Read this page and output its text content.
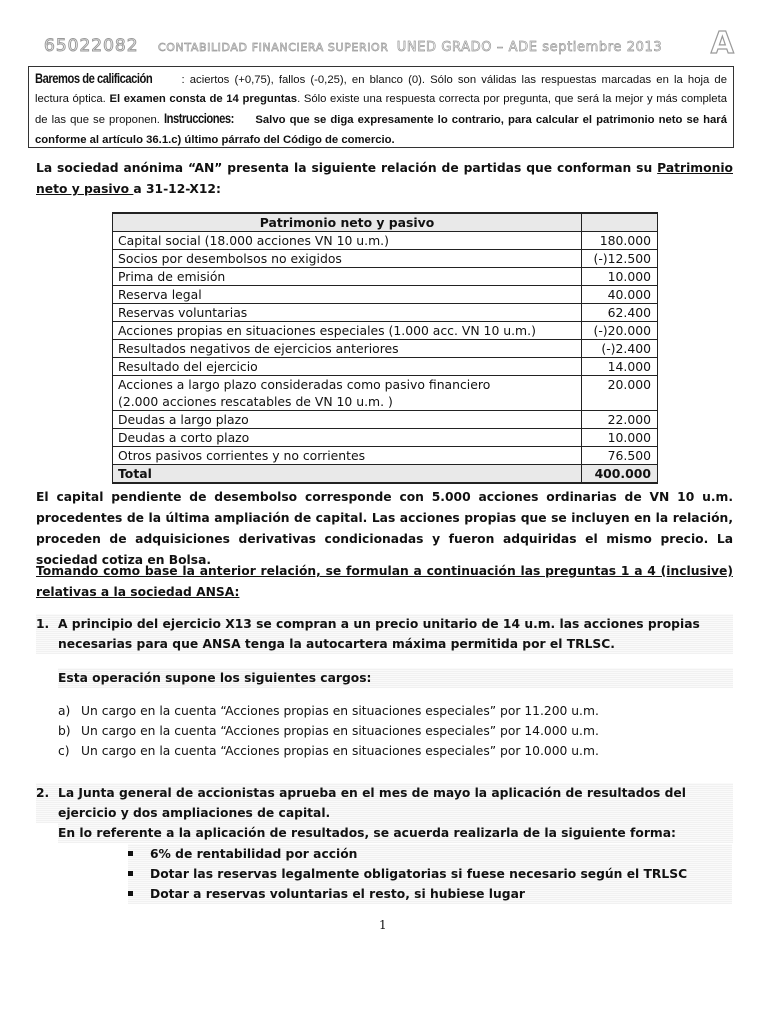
65022082 CONTABILIDAD FINANCIERA SUPERIOR UNED GRADO – ADE septiembre 2013 A
Baremos de calificación	: aciertos (+0,75), fallos (-0,25), en blanco (0). Sólo son válidas las respuestas marcadas en la hoja de lectura óptica. El examen consta de 14 preguntas. Sólo existe una respuesta correcta por pregunta, que será la mejor y más completa de las que se proponen. Instrucciones: Salvo que se diga expresamente lo contrario, para calcular el patrimonio neto se hará conforme al artículo 36.1.c) último párrafo del Código de comercio.
La sociedad anónima “AN” presenta la siguiente relación de partidas que conforman su Patrimonio neto y pasivo a 31-12-X12:
Patrimonio neto y pasivo	
Capital social (18.000 acciones VN 10 u.m.)	180.000
Socios por desembolsos no exigidos	(-)12.500
Prima de emisión	10.000
Reserva legal	40.000
Reservas voluntarias	62.400
Acciones propias en situaciones especiales (1.000 acc. VN 10 u.m.)	(-)20.000
Resultados negativos de ejercicios anteriores	(-)2.400
Resultado del ejercicio	14.000
Acciones a largo plazo consideradas como pasivo financiero
(2.000 acciones rescatables de VN 10 u.m. )	20.000
Deudas a largo plazo	22.000
Deudas a corto plazo	10.000
Otros pasivos corrientes y no corrientes	76.500
Total	400.000
El capital pendiente de desembolso corresponde con 5.000 acciones ordinarias de VN 10 u.m. procedentes de la última ampliación de capital. Las acciones propias que se incluyen en la relación, proceden de adquisiciones derivativas condicionadas y fueron adquiridas el mismo precio. La sociedad cotiza en Bolsa.
Tomando como base la anterior relación, se formulan a continuación las preguntas 1 a 4 (inclusive) relativas a la sociedad ANSA:
1. A principio del ejercicio X13 se compran a un precio unitario de 14 u.m. las acciones propias necesarias para que ANSA tenga la autocartera máxima permitida por el TRLSC.
Esta operación supone los siguientes cargos:
a) Un cargo en la cuenta “Acciones propias en situaciones especiales” por 11.200 u.m.
b) Un cargo en la cuenta “Acciones propias en situaciones especiales” por 14.000 u.m.
c) Un cargo en la cuenta “Acciones propias en situaciones especiales” por 10.000 u.m.
2. La Junta general de accionistas aprueba en el mes de mayo la aplicación de resultados del ejercicio y dos ampliaciones de capital.
En lo referente a la aplicación de resultados, se acuerda realizarla de la siguiente forma:
6% de rentabilidad por acción
Dotar las reservas legalmente obligatorias si fuese necesario según el TRLSC
Dotar a reservas voluntarias el resto, si hubiese lugar
1
